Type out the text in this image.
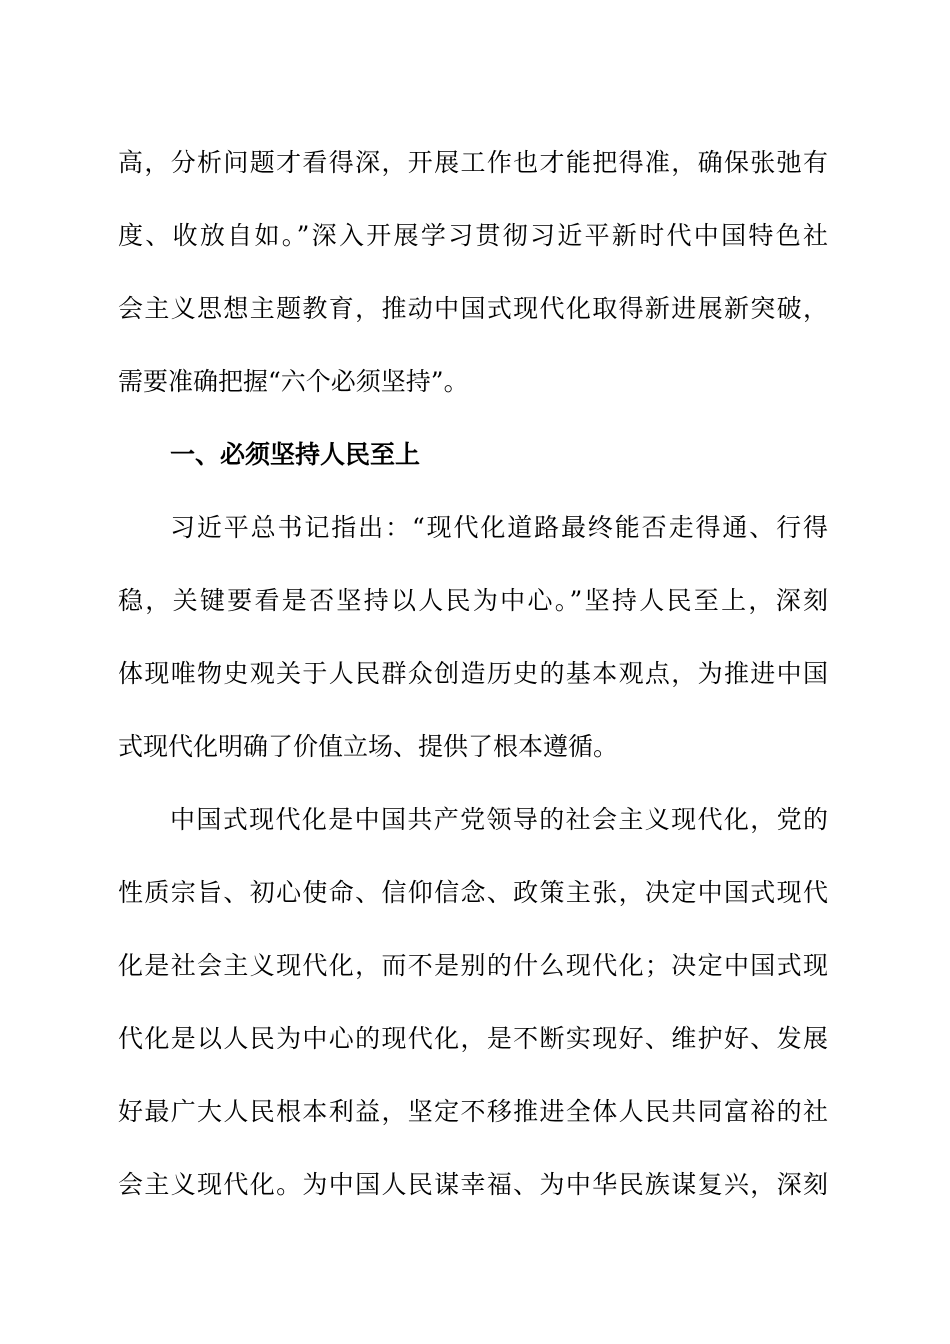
高，分析问题才看得深，开展工作也才能把得准，确保张弛有
度、收放自如。”深入开展学习贯彻习近平新时代中国特色社
会主义思想主题教育，推动中国式现代化取得新进展新突破，
需要准确把握“六个必须坚持”。
一、必须坚持人民至上
习近平总书记指出：“现代化道路最终能否走得通、行得
稳，关键要看是否坚持以人民为中心。”坚持人民至上，深刻
体现唯物史观关于人民群众创造历史的基本观点，为推进中国
式现代化明确了价值立场、提供了根本遵循。
中国式现代化是中国共产党领导的社会主义现代化，党的
性质宗旨、初心使命、信仰信念、政策主张，决定中国式现代
化是社会主义现代化，而不是别的什么现代化；决定中国式现
代化是以人民为中心的现代化，是不断实现好、维护好、发展
好最广大人民根本利益，坚定不移推进全体人民共同富裕的社
会主义现代化。为中国人民谋幸福、为中华民族谋复兴，深刻
